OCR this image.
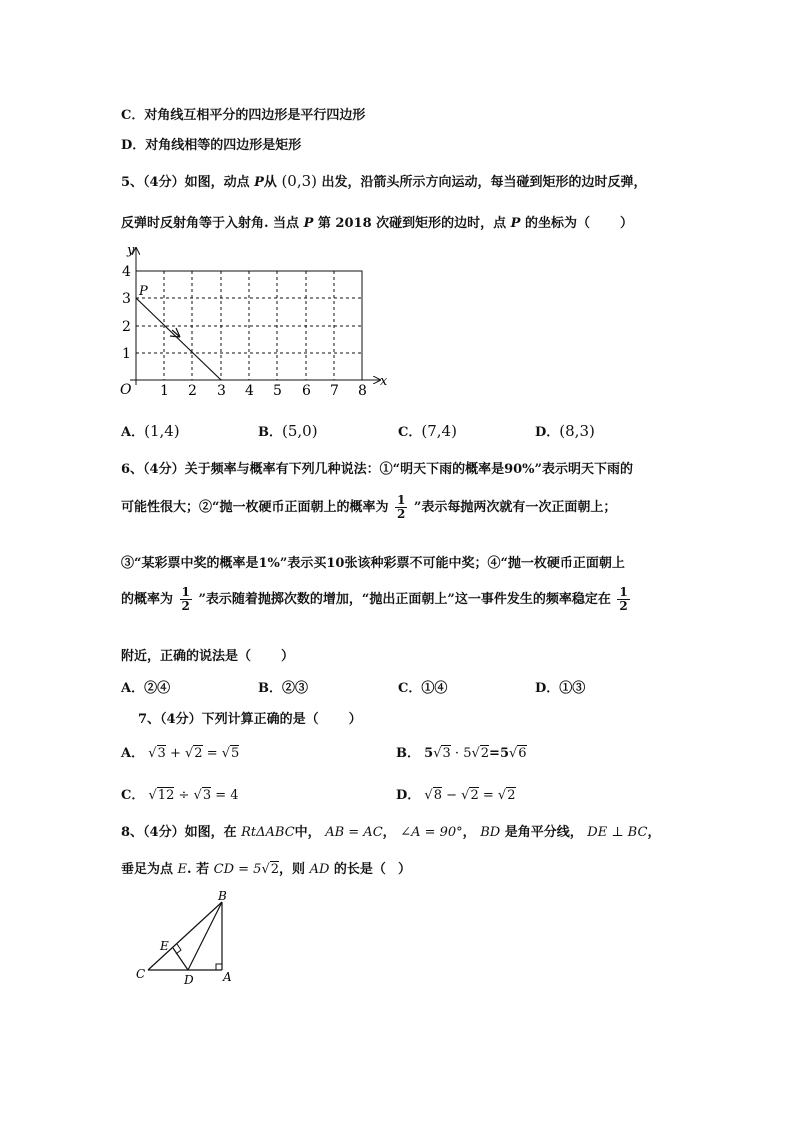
C．对角线互相平分的四边形是平行四边形
D．对角线相等的四边形是矩形
5、（4分）如图，动点 P从 (0,3) 出发，沿箭头所示方向运动，每当碰到矩形的边时反弹，
反弹时反射角等于入射角. 当点 P 第 2018 次碰到矩形的边时，点 P 的坐标为（ ）
y
x
O
P
1 2 3 4 5 6 7 8
1
2
3
4
A．(1,4)	B．(5,0)	C．(7,4)	D．(8,3)
6、（4分）关于频率与概率有下列几种说法：①“明天下雨的概率是90%”表示明天下雨的
可能性很大；②“抛一枚硬币正面朝上的概率为 $\frac{1}{2}$ ”表示每抛两次就有一次正面朝上；
③“某彩票中奖的概率是1%”表示买10张该种彩票不可能中奖；④“抛一枚硬币正面朝上
的概率为 $\frac{1}{2}$ ”表示随着抛掷次数的增加，“抛出正面朝上”这一事件发生的频率稳定在 $\frac{1}{2}$
附近，正确的说法是（ ）
A．②④	B．②③	C．①④	D．①③
7、（4分）下列计算正确的是（ ）
A． √3 + √2 = √5	B． 5√3 · 5√2=5√6
C． √12 ÷ √3 = 4	D． √8 − √2 = √2
8、（4分）如图，在 RtΔABC中， AB = AC， ∠A = 90°， BD 是角平分线， DE ⊥ BC，
垂足为点 E. 若 CD = 5√2，则 AD 的长是（ ）
B
E
C	D A
